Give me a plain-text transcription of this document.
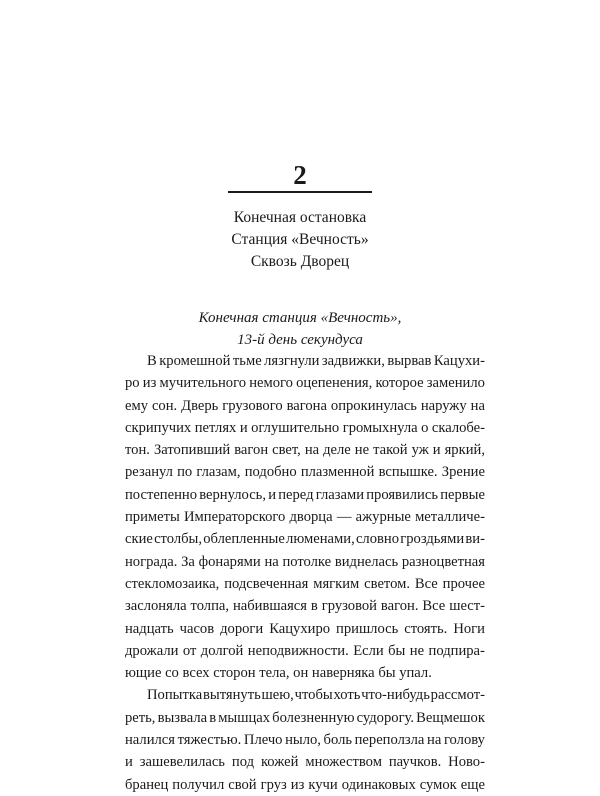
2
Конечная остановка
Станция «Вечность»
Сквозь Дворец
Конечная станция «Вечность»,
13-й день секундуса
В кромешной тьме лязгнули задвижки, вырвав Кацухи-
ро из мучительного немого оцепенения, которое заменило
ему сон. Дверь грузового вагона опрокинулась наружу на
скрипучих петлях и оглушительно громыхнула о скалобе-
тон. Затопивший вагон свет, на деле не такой уж и яркий,
резанул по глазам, подобно плазменной вспышке. Зрение
постепенно вернулось, и перед глазами проявились первые
приметы Императорского дворца — ажурные металличе-
ские столбы, облепленные люменами, словно гроздьями ви-
нограда. За фонарями на потолке виднелась разноцветная
стекломозаика, подсвеченная мягким светом. Все прочее
заслоняла толпа, набившаяся в грузовой вагон. Все шест-
надцать часов дороги Кацухиро пришлось стоять. Ноги
дрожали от долгой неподвижности. Если бы не подпира-
ющие со всех сторон тела, он наверняка бы упал.
Попытка вытянуть шею, чтобы хоть что-нибудь рассмот-
реть, вызвала в мышцах болезненную судорогу. Вещмешок
налился тяжестью. Плечо ныло, боль переползла на голову
и зашевелилась под кожей множеством паучков. Ново-
бранец получил свой груз из кучи одинаковых сумок еще
